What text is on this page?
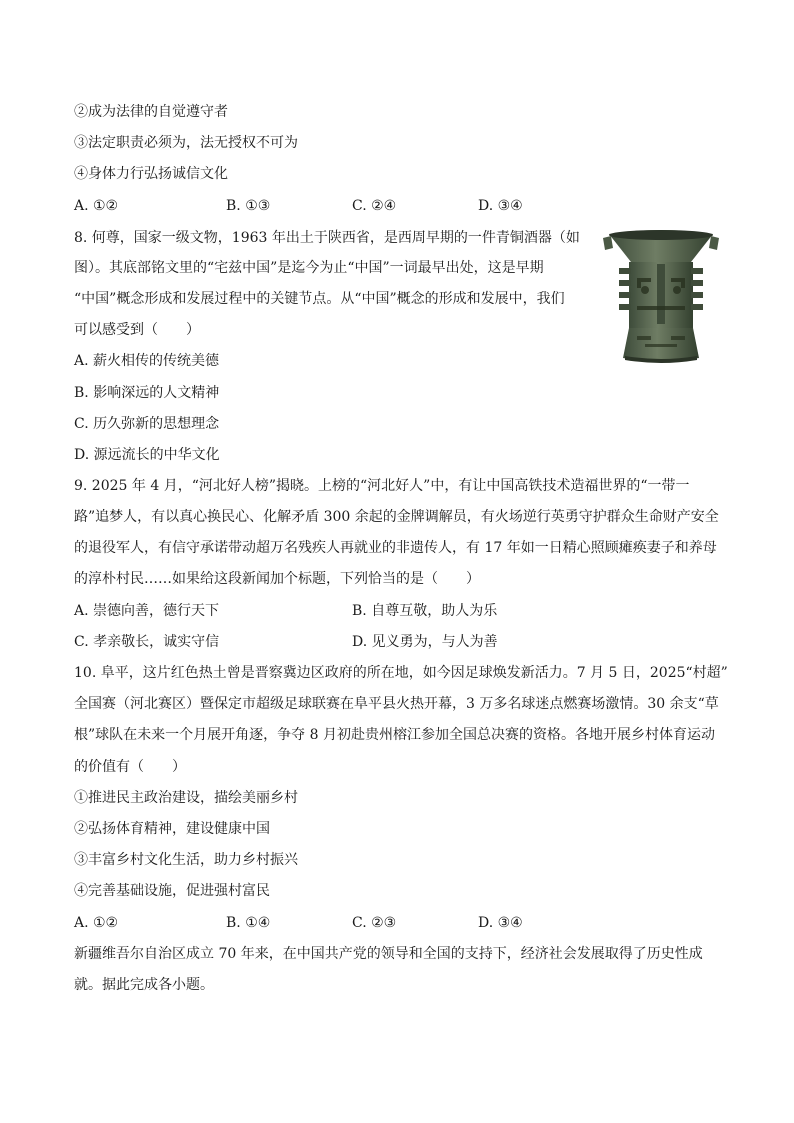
②成为法律的自觉遵守者
③法定职责必须为，法无授权不可为
④身体力行弘扬诚信文化
A. ①②	B. ①③	C. ②④	D. ③④
8. 何尊，国家一级文物，1963 年出土于陕西省，是西周早期的一件青铜酒器（如
图）。其底部铭文里的“宅兹中国”是迄今为止“中国”一词最早出处，这是早期
“中国”概念形成和发展过程中的关键节点。从“中国”概念的形成和发展中，我们
可以感受到（　　）
A. 薪火相传的传统美德
B. 影响深远的人文精神
C. 历久弥新的思想理念
D. 源远流长的中华文化
9. 2025 年 4 月，“河北好人榜”揭晓。上榜的“河北好人”中，有让中国高铁技术造福世界的“一带一
路”追梦人，有以真心换民心、化解矛盾 300 余起的金牌调解员，有火场逆行英勇守护群众生命财产安全
的退役军人，有信守承诺带动超万名残疾人再就业的非遗传人，有 17 年如一日精心照顾瘫痪妻子和养母
的淳朴村民……如果给这段新闻加个标题，下列恰当的是（　　）
A. 崇德向善，德行天下	B. 自尊互敬，助人为乐
C. 孝亲敬长，诚实守信	D. 见义勇为，与人为善
10. 阜平，这片红色热土曾是晋察冀边区政府的所在地，如今因足球焕发新活力。7 月 5 日，2025“村超”
全国赛（河北赛区）暨保定市超级足球联赛在阜平县火热开幕，3 万多名球迷点燃赛场激情。30 余支“草
根”球队在未来一个月展开角逐，争夺 8 月初赴贵州榕江参加全国总决赛的资格。各地开展乡村体育运动
的价值有（　　）
①推进民主政治建设，描绘美丽乡村
②弘扬体育精神，建设健康中国
③丰富乡村文化生活，助力乡村振兴
④完善基础设施，促进强村富民
A. ①②	B. ①④	C. ②③	D. ③④
新疆维吾尔自治区成立 70 年来，在中国共产党的领导和全国的支持下，经济社会发展取得了历史性成
就。据此完成各小题。
